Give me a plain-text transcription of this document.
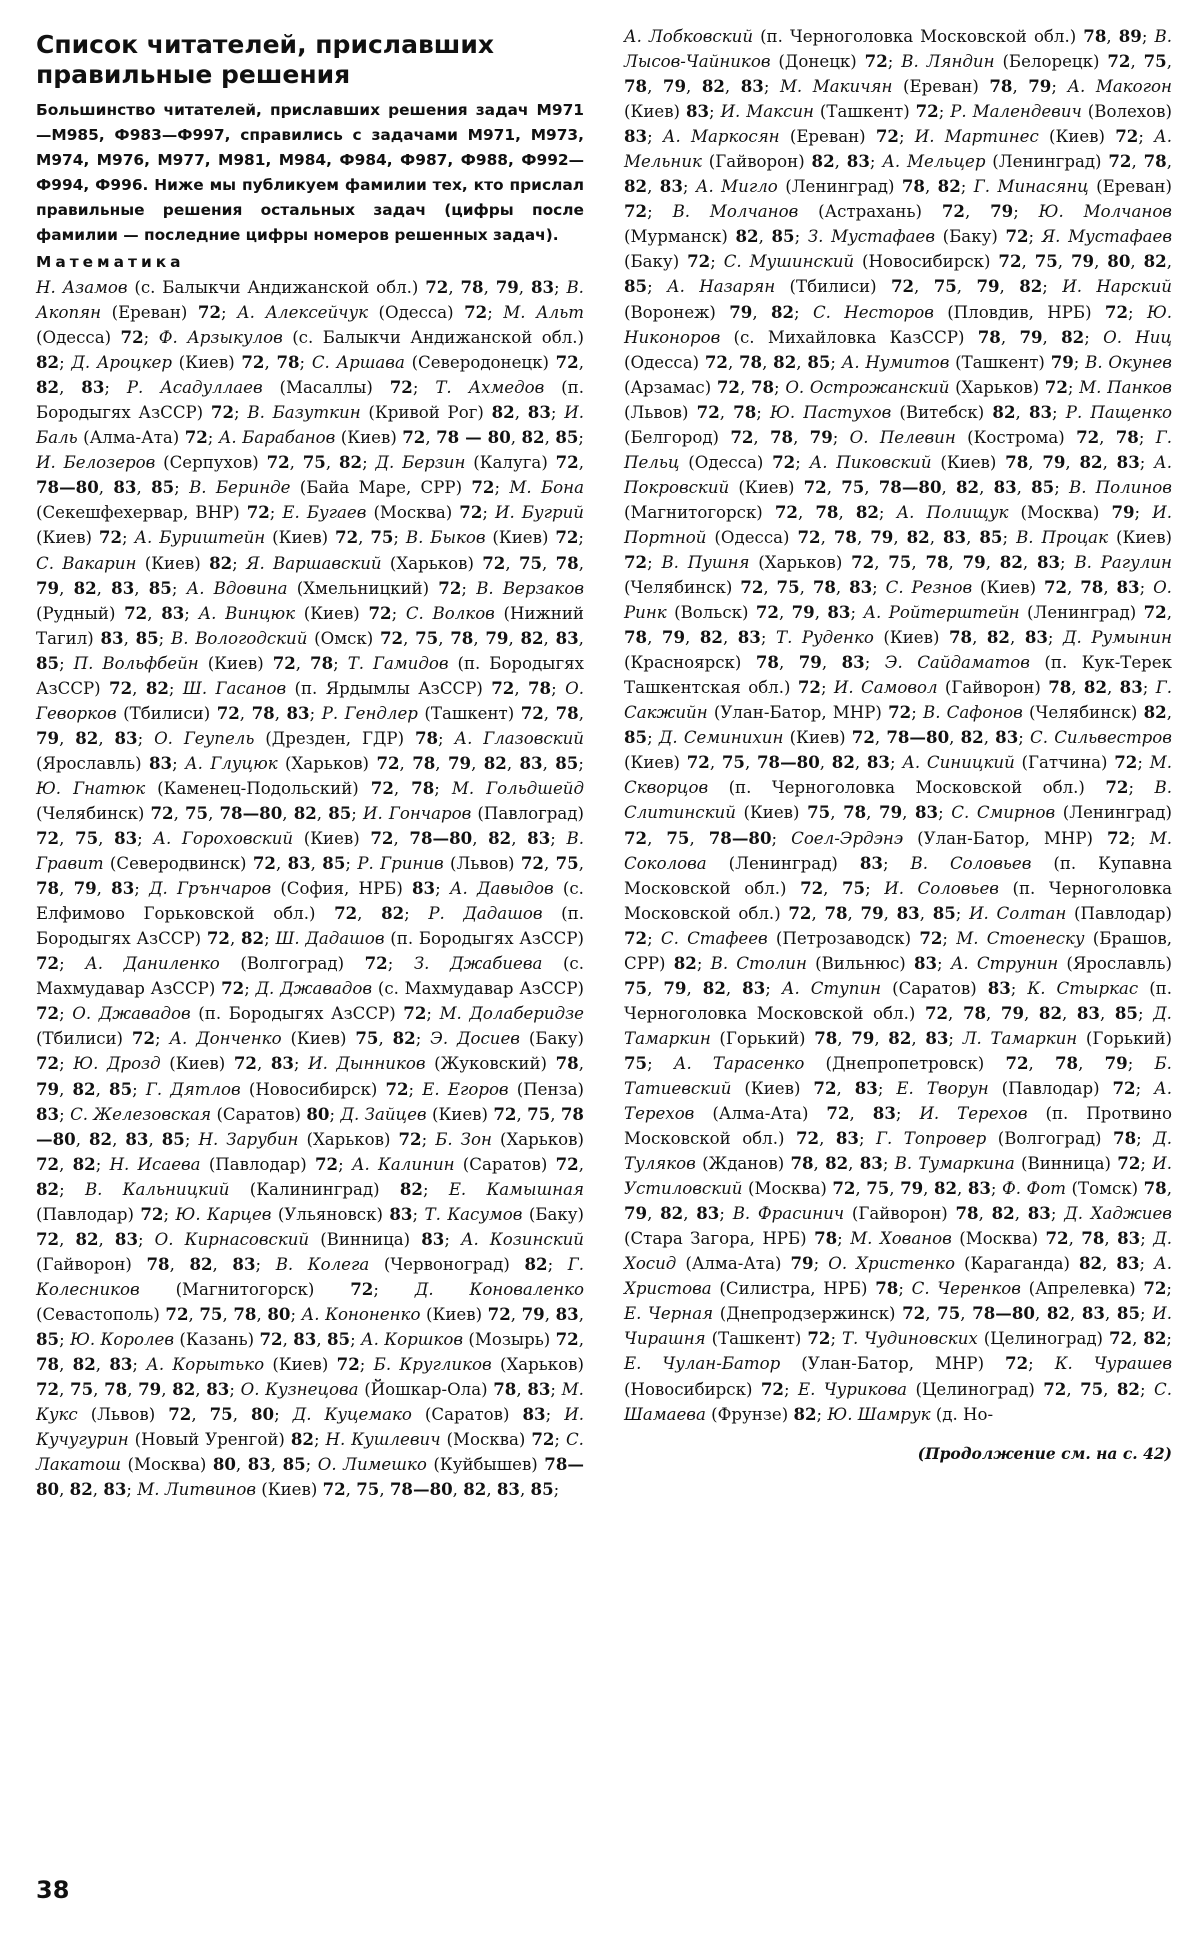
Список читателей, приславших правильные решения

Большинство читателей, приславших решения задач М971—М985, Ф983—Ф997, справились с задачами М971, М973, М974, М976, М977, М981, М984, Ф984, Ф987, Ф988, Ф992—Ф994, Ф996. Ниже мы публикуем фамилии тех, кто прислал правильные решения остальных задач (цифры после фамилии — последние цифры номеров решенных задач).

Математика

Н. Азамов (с. Балыкчи Андижанской обл.) 72, 78, 79, 83; В. Акопян (Ереван) 72; А. Алексейчук (Одесса) 72; М. Альт (Одесса) 72; Ф. Арзыкулов (с. Балыкчи Андижанской обл.) 82; Д. Ароцкер (Киев) 72, 78; С. Аршава (Северодонецк) 72, 82, 83; Р. Асадуллаев (Масаллы) 72; Т. Ахмедов (п. Бородыгях АзССР) 72; В. Базуткин (Кривой Рог) 82, 83; И. Баль (Алма-Ата) 72; А. Барабанов (Киев) 72, 78 — 80, 82, 85; И. Белозеров (Серпухов) 72, 75, 82; Д. Берзин (Калуга) 72, 78—80, 83, 85; В. Беринде (Байа Маре, СРР) 72; М. Бона (Секешфехервар, ВНР) 72; Е. Бугаев (Москва) 72; И. Бугрий (Киев) 72; А. Буриштейн (Киев) 72, 75; В. Быков (Киев) 72; С. Вакарин (Киев) 82; Я. Варшавский (Харьков) 72, 75, 78, 79, 82, 83, 85; А. Вдовина (Хмельницкий) 72; В. Верзаков (Рудный) 72, 83; А. Винцюк (Киев) 72; С. Волков (Нижний Тагил) 83, 85; В. Вологодский (Омск) 72, 75, 78, 79, 82, 83, 85; П. Вольфбейн (Киев) 72, 78; Т. Гамидов (п. Бородыгях АзССР) 72, 82; Ш. Гасанов (п. Ярдымлы АзССР) 72, 78; О. Геворков (Тбилиси) 72, 78, 83; Р. Гендлер (Ташкент) 72, 78, 79, 82, 83; О. Геупель (Дрезден, ГДР) 78; А. Глазовский (Ярославль) 83; А. Глуцюк (Харьков) 72, 78, 79, 82, 83, 85; Ю. Гнатюк (Каменец-Подольский) 72, 78; М. Гольдшейд (Челябинск) 72, 75, 78—80, 82, 85; И. Гончаров (Павлоград) 72, 75, 83; А. Гороховский (Киев) 72, 78—80, 82, 83; В. Гравит (Северодвинск) 72, 83, 85; Р. Гринив (Львов) 72, 75, 78, 79, 83; Д. Грънчаров (София, НРБ) 83; А. Давыдов (с. Елфимово Горьковской обл.) 72, 82; Р. Дадашов (п. Бородыгях АзССР) 72, 82; Ш. Дадашов (п. Бородыгях АзССР) 72; А. Даниленко (Волгоград) 72; З. Джабиева (с. Махмудавар АзССР) 72; Д. Джавадов (с. Махмудавар АзССР) 72; О. Джавадов (п. Бородыгях АзССР) 72; М. Долаберидзе (Тбилиси) 72; А. Донченко (Киев) 75, 82; Э. Досиев (Баку) 72; Ю. Дрозд (Киев) 72, 83; И. Дынников (Жуковский) 78, 79, 82, 85; Г. Дятлов (Новосибирск) 72; Е. Егоров (Пенза) 83; С. Железовская (Саратов) 80; Д. Зайцев (Киев) 72, 75, 78—80, 82, 83, 85; Н. Зарубин (Харьков) 72; Б. Зон (Харьков) 72, 82; Н. Исаева (Павлодар) 72; А. Калинин (Саратов) 72, 82; В. Кальницкий (Калининград) 82; Е. Камышная (Павлодар) 72; Ю. Карцев (Ульяновск) 83; Т. Касумов (Баку) 72, 82, 83; О. Кирнасовский (Винница) 83; А. Козинский (Гайворон) 78, 82, 83; В. Колега (Червоноград) 82; Г. Колесников (Магнитогорск) 72; Д. Коноваленко (Севастополь) 72, 75, 78, 80; А. Кононенко (Киев) 72, 79, 83, 85; Ю. Королев (Казань) 72, 83, 85; А. Коршков (Мозырь) 72, 78, 82, 83; А. Корытько (Киев) 72; Б. Кругликов (Харьков) 72, 75, 78, 79, 82, 83; О. Кузнецова (Йошкар-Ола) 78, 83; М. Кукс (Львов) 72, 75, 80; Д. Куцемако (Саратов) 83; И. Кучугурин (Новый Уренгой) 82; Н. Кушлевич (Москва) 72; С. Лакатош (Москва) 80, 83, 85; О. Лимешко (Куйбышев) 78—80, 82, 83; М. Литвинов (Киев) 72, 75, 78—80, 82, 83, 85;

А. Лобковский (п. Черноголовка Московской обл.) 78, 89; В. Лысов-Чайников (Донецк) 72; В. Ляндин (Белорецк) 72, 75, 78, 79, 82, 83; М. Макичян (Ереван) 78, 79; А. Макогон (Киев) 83; И. Максин (Ташкент) 72; Р. Малендевич (Волехов) 83; А. Маркосян (Ереван) 72; И. Мартинес (Киев) 72; А. Мельник (Гайворон) 82, 83; А. Мельцер (Ленинград) 72, 78, 82, 83; А. Мигло (Ленинград) 78, 82; Г. Минасянц (Ереван) 72; В. Молчанов (Астрахань) 72, 79; Ю. Молчанов (Мурманск) 82, 85; З. Мустафаев (Баку) 72; Я. Мустафаев (Баку) 72; С. Мушинский (Новосибирск) 72, 75, 79, 80, 82, 85; А. Назарян (Тбилиси) 72, 75, 79, 82; И. Нарский (Воронеж) 79, 82; С. Несторов (Пловдив, НРБ) 72; Ю. Никоноров (с. Михайловка КазССР) 78, 79, 82; О. Ниц (Одесса) 72, 78, 82, 85; А. Нумитов (Ташкент) 79; В. Окунев (Арзамас) 72, 78; О. Острожанский (Харьков) 72; М. Панков (Львов) 72, 78; Ю. Пастухов (Витебск) 82, 83; Р. Пащенко (Белгород) 72, 78, 79; О. Пелевин (Кострома) 72, 78; Г. Пельц (Одесса) 72; А. Пиковский (Киев) 78, 79, 82, 83; А. Покровский (Киев) 72, 75, 78—80, 82, 83, 85; В. Полинов (Магнитогорск) 72, 78, 82; А. Полищук (Москва) 79; И. Портной (Одесса) 72, 78, 79, 82, 83, 85; В. Процак (Киев) 72; В. Пушня (Харьков) 72, 75, 78, 79, 82, 83; В. Рагулин (Челябинск) 72, 75, 78, 83; С. Резнов (Киев) 72, 78, 83; О. Ринк (Вольск) 72, 79, 83; А. Ройтерштейн (Ленинград) 72, 78, 79, 82, 83; Т. Руденко (Киев) 78, 82, 83; Д. Румынин (Красноярск) 78, 79, 83; Э. Сайдаматов (п. Кук-Терек Ташкентская обл.) 72; И. Самовол (Гайворон) 78, 82, 83; Г. Сакжийн (Улан-Батор, МНР) 72; В. Сафонов (Челябинск) 82, 85; Д. Семинихин (Киев) 72, 78—80, 82, 83; С. Сильвестров (Киев) 72, 75, 78—80, 82, 83; А. Синицкий (Гатчина) 72; М. Скворцов (п. Черноголовка Московской обл.) 72; В. Слитинский (Киев) 75, 78, 79, 83; С. Смирнов (Ленинград) 72, 75, 78—80; Соел-Эрдэнэ (Улан-Батор, МНР) 72; М. Соколова (Ленинград) 83; В. Соловьев (п. Купавна Московской обл.) 72, 75; И. Соловьев (п. Черноголовка Московской обл.) 72, 78, 79, 83, 85; И. Солтан (Павлодар) 72; С. Стафеев (Петрозаводск) 72; М. Стоенеску (Брашов, СРР) 82; В. Столин (Вильнюс) 83; А. Струнин (Ярославль) 75, 79, 82, 83; А. Ступин (Саратов) 83; К. Стыркас (п. Черноголовка Московской обл.) 72, 78, 79, 82, 83, 85; Д. Тамаркин (Горький) 78, 79, 82, 83; Л. Тамаркин (Горький) 75; А. Тарасенко (Днепропетровск) 72, 78, 79; Б. Татиевский (Киев) 72, 83; Е. Творун (Павлодар) 72; А. Терехов (Алма-Ата) 72, 83; И. Терехов (п. Протвино Московской обл.) 72, 83; Г. Топровер (Волгоград) 78; Д. Туляков (Жданов) 78, 82, 83; В. Тумаркина (Винница) 72; И. Устиловский (Москва) 72, 75, 79, 82, 83; Ф. Фот (Томск) 78, 79, 82, 83; В. Фрасинич (Гайворон) 78, 82, 83; Д. Хаджиев (Стара Загора, НРБ) 78; М. Хованов (Москва) 72, 78, 83; Д. Хосид (Алма-Ата) 79; О. Христенко (Караганда) 82, 83; А. Христова (Силистра, НРБ) 78; С. Черенков (Апрелевка) 72; Е. Черная (Днепродзержинск) 72, 75, 78—80, 82, 83, 85; И. Чирашня (Ташкент) 72; Т. Чудиновских (Целиноград) 72, 82; Е. Чулан-Батор (Улан-Батор, МНР) 72; К. Чурашев (Новосибирск) 72; Е. Чурикова (Целиноград) 72, 75, 82; С. Шамаева (Фрунзе) 82; Ю. Шамрук (д. Но-

(Продолжение см. на с. 42)

38
